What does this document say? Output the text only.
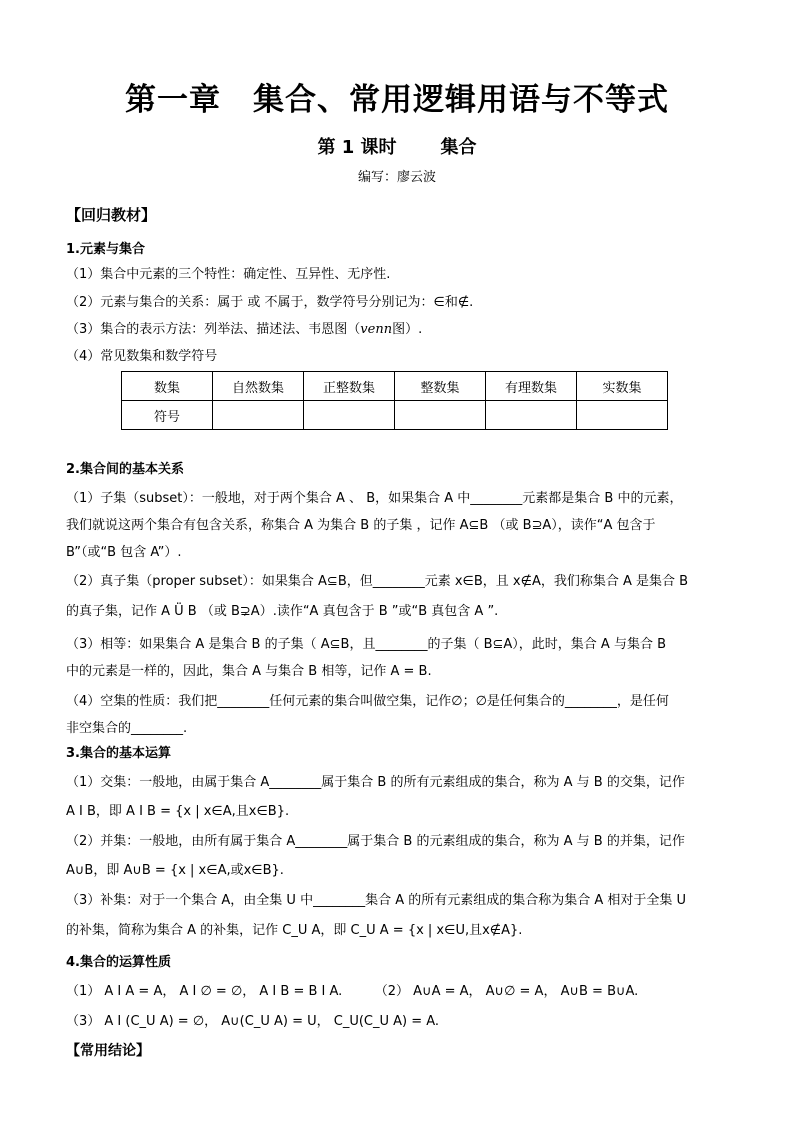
第一章　集合、常用逻辑用语与不等式
第 1 课时 集合
编写：廖云波
【回归教材】
1.元素与集合
（1）集合中元素的三个特性：确定性、互异性、无序性.
（2）元素与集合的关系：属于 或 不属于，数学符号分别记为：∈和∉.
（3）集合的表示方法：列举法、描述法、韦恩图（venn图）.
（4）常见数集和数学符号
数集	自然数集	正整数集	整数集	有理数集	实数集
符号					
2.集合间的基本关系
（1）子集（subset）：一般地，对于两个集合 A 、 B，如果集合 A 中________元素都是集合 B 中的元素，
我们就说这两个集合有包含关系，称集合 A 为集合 B 的子集 ，记作 A⊆B （或 B⊇A），读作“A 包含于
B”（或“B 包含 A”）.
（2）真子集（proper subset）：如果集合 A⊆B，但________元素 x∈B，且 x∉A，我们称集合 A 是集合 B
的真子集，记作 A Ü B （或 B⊋A）.读作“A 真包含于 B ”或“B 真包含 A ”.
（3）相等：如果集合 A 是集合 B 的子集（ A⊆B，且________的子集（ B⊆A），此时，集合 A 与集合 B
中的元素是一样的，因此，集合 A 与集合 B 相等，记作 A = B.
（4）空集的性质：我们把________任何元素的集合叫做空集，记作∅；∅是任何集合的________，是任何
非空集合的________.
3.集合的基本运算
（1）交集：一般地，由属于集合 A________属于集合 B 的所有元素组成的集合，称为 A 与 B 的交集，记作
A I B，即 A I B = {x | x∈A,且x∈B}.
（2）并集：一般地，由所有属于集合 A________属于集合 B 的元素组成的集合，称为 A 与 B 的并集，记作
A∪B，即 A∪B = {x | x∈A,或x∈B}.
（3）补集：对于一个集合 A，由全集 U 中________集合 A 的所有元素组成的集合称为集合 A 相对于全集 U
的补集，简称为集合 A 的补集，记作 C_U A，即 C_U A = {x | x∈U,且x∉A}.
4.集合的运算性质
（1） A I A = A， A I ∅ = ∅， A I B = B I A.　　　（2） A∪A = A， A∪∅ = A， A∪B = B∪A.
（3） A I (C_U A) = ∅， A∪(C_U A) = U， C_U(C_U A) = A.
【常用结论】
